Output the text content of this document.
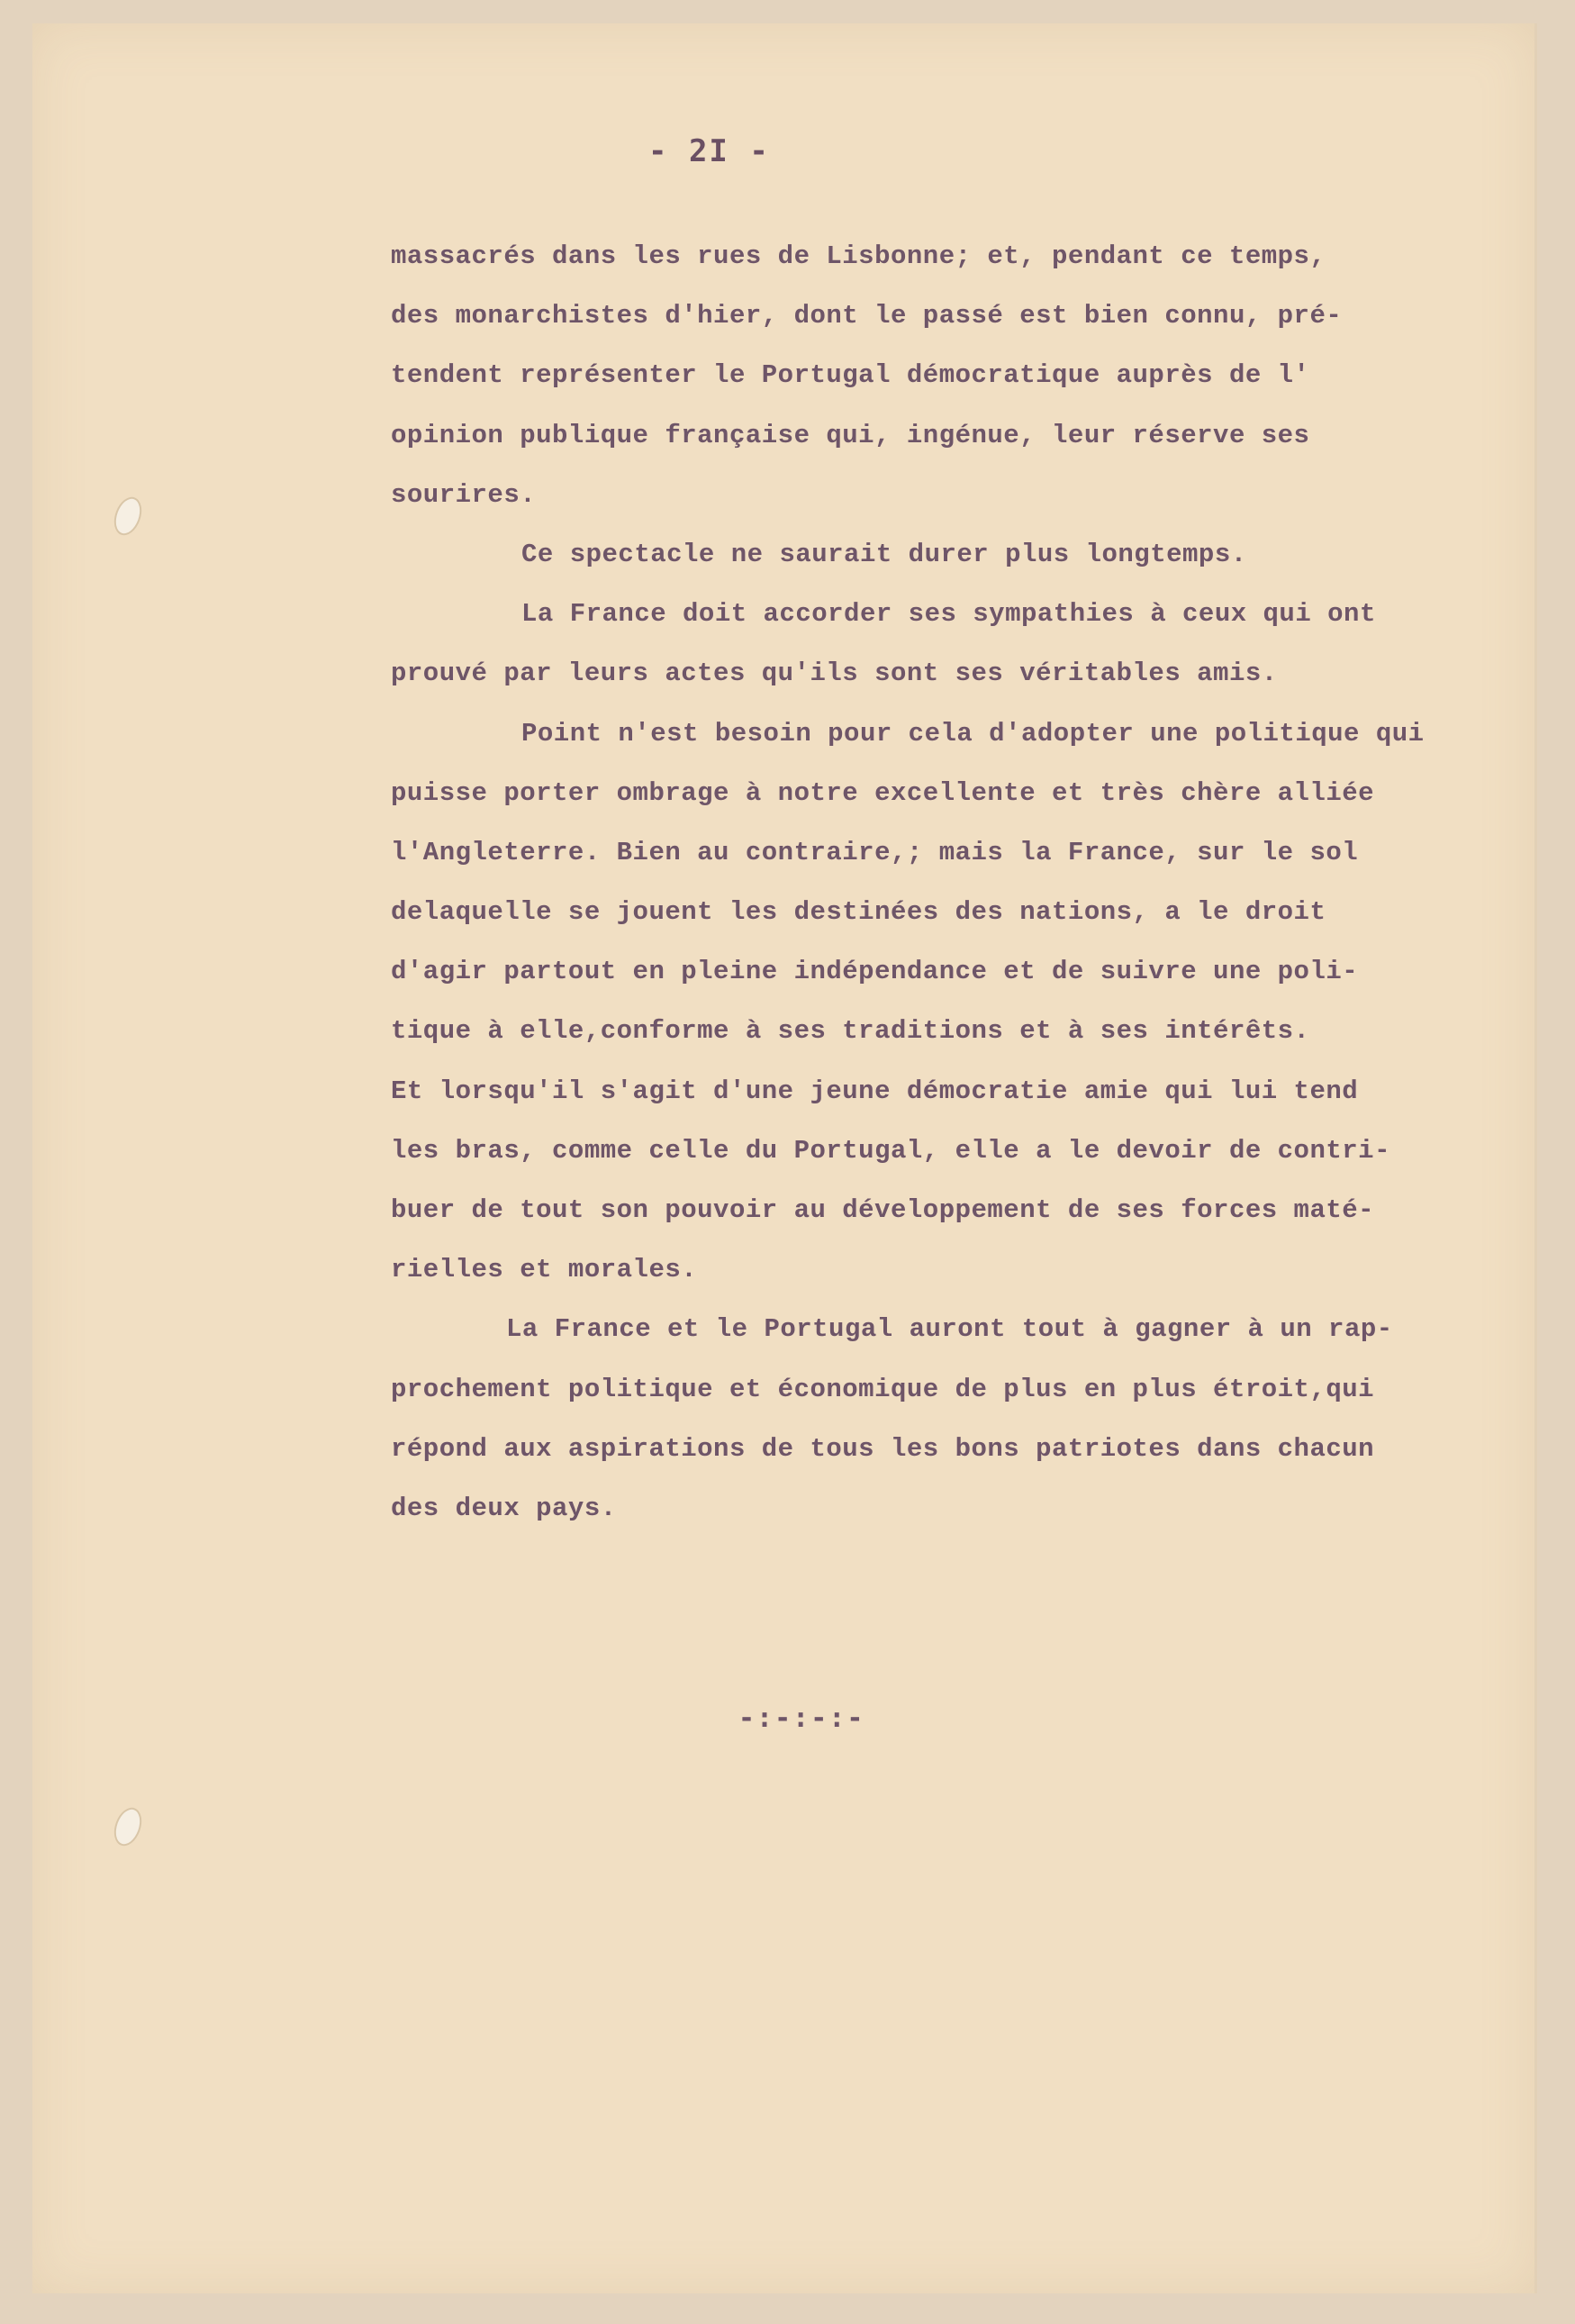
- 2I -
massacrés dans les rues de Lisbonne; et, pendant ce temps,
des monarchistes d'hier, dont le passé est bien connu, pré-
tendent représenter le Portugal démocratique auprès de l'
opinion publique française qui, ingénue, leur réserve ses
sourires.
Ce spectacle ne saurait durer plus longtemps.
La France doit accorder ses sympathies à ceux qui ont
prouvé par leurs actes qu'ils sont ses véritables amis.
Point n'est besoin pour cela d'adopter une politique qui
puisse porter ombrage à notre excellente et très chère alliée
l'Angleterre. Bien au contraire,; mais la France, sur le sol
delaquelle se jouent les destinées des nations, a le droit
d'agir partout en pleine indépendance et de suivre une poli-
tique à elle,conforme à ses traditions et à ses intérêts.
Et lorsqu'il s'agit d'une jeune démocratie amie qui lui tend
les bras, comme celle du Portugal, elle a le devoir de contri-
buer de tout son pouvoir au développement de ses forces maté-
rielles et morales.
La France et le Portugal auront tout à gagner à un rap-
prochement politique et économique de plus en plus étroit,qui
répond aux aspirations de tous les bons patriotes dans chacun
des deux pays.
-:-:-:-
